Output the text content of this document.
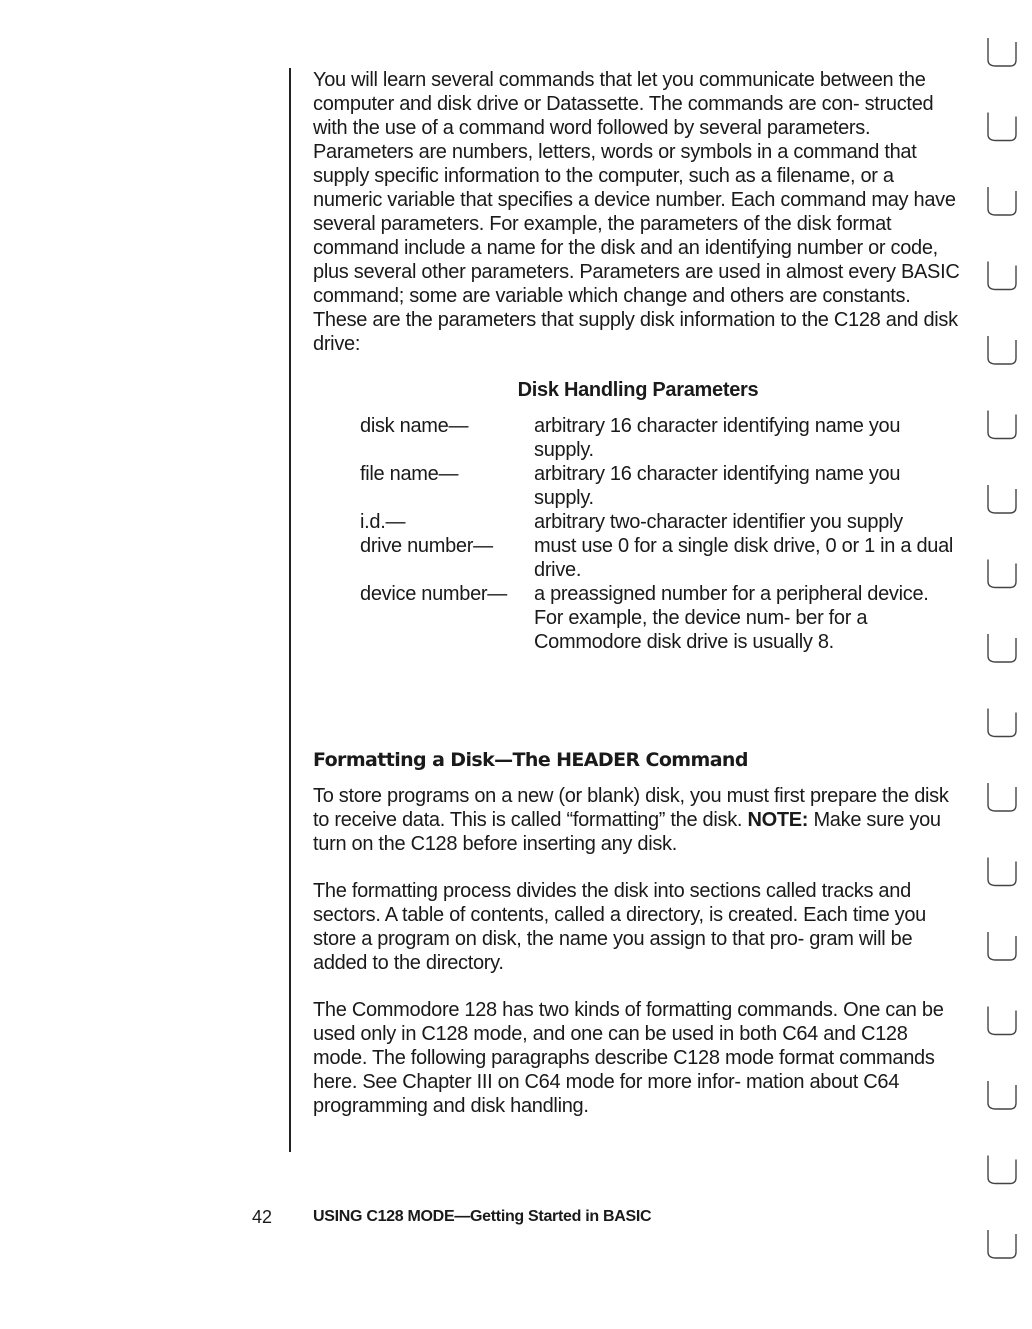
You will learn several commands that let you communicate between the computer and disk drive or Datassette. The commands are con- structed with the use of a command word followed by several parameters. Parameters are numbers, letters, words or symbols in a command that supply specific information to the computer, such as a filename, or a numeric variable that specifies a device number. Each command may have several parameters. For example, the parameters of the disk format command include a name for the disk and an identifying number or code, plus several other parameters. Parameters are used in almost every BASIC command; some are variable which change and others are constants. These are the parameters that supply disk information to the C128 and disk drive:

Disk Handling Parameters
disk name—	arbitrary 16 character identifying name you supply.
file name—	arbitrary 16 character identifying name you supply.
i.d.—	arbitrary two-character identifier you supply
drive number—	must use 0 for a single disk drive, 0 or 1 in a dual drive.
device number—	a preassigned number for a peripheral device. For example, the device num- ber for a Commodore disk drive is usually 8.
Formatting a Disk—The HEADER Command

To store programs on a new (or blank) disk, you must first prepare the disk to receive data. This is called “formatting” the disk. NOTE: Make sure you turn on the C128 before inserting any disk.

The formatting process divides the disk into sections called tracks and sectors. A table of contents, called a directory, is created. Each time you store a program on disk, the name you assign to that pro- gram will be added to the directory.

The Commodore 128 has two kinds of formatting commands. One can be used only in C128 mode, and one can be used in both C64 and C128 mode. The following paragraphs describe C128 mode format commands here. See Chapter III on C64 mode for more infor- mation about C64 programming and disk handling.

42	USING C128 MODE—Getting Started in BASIC
